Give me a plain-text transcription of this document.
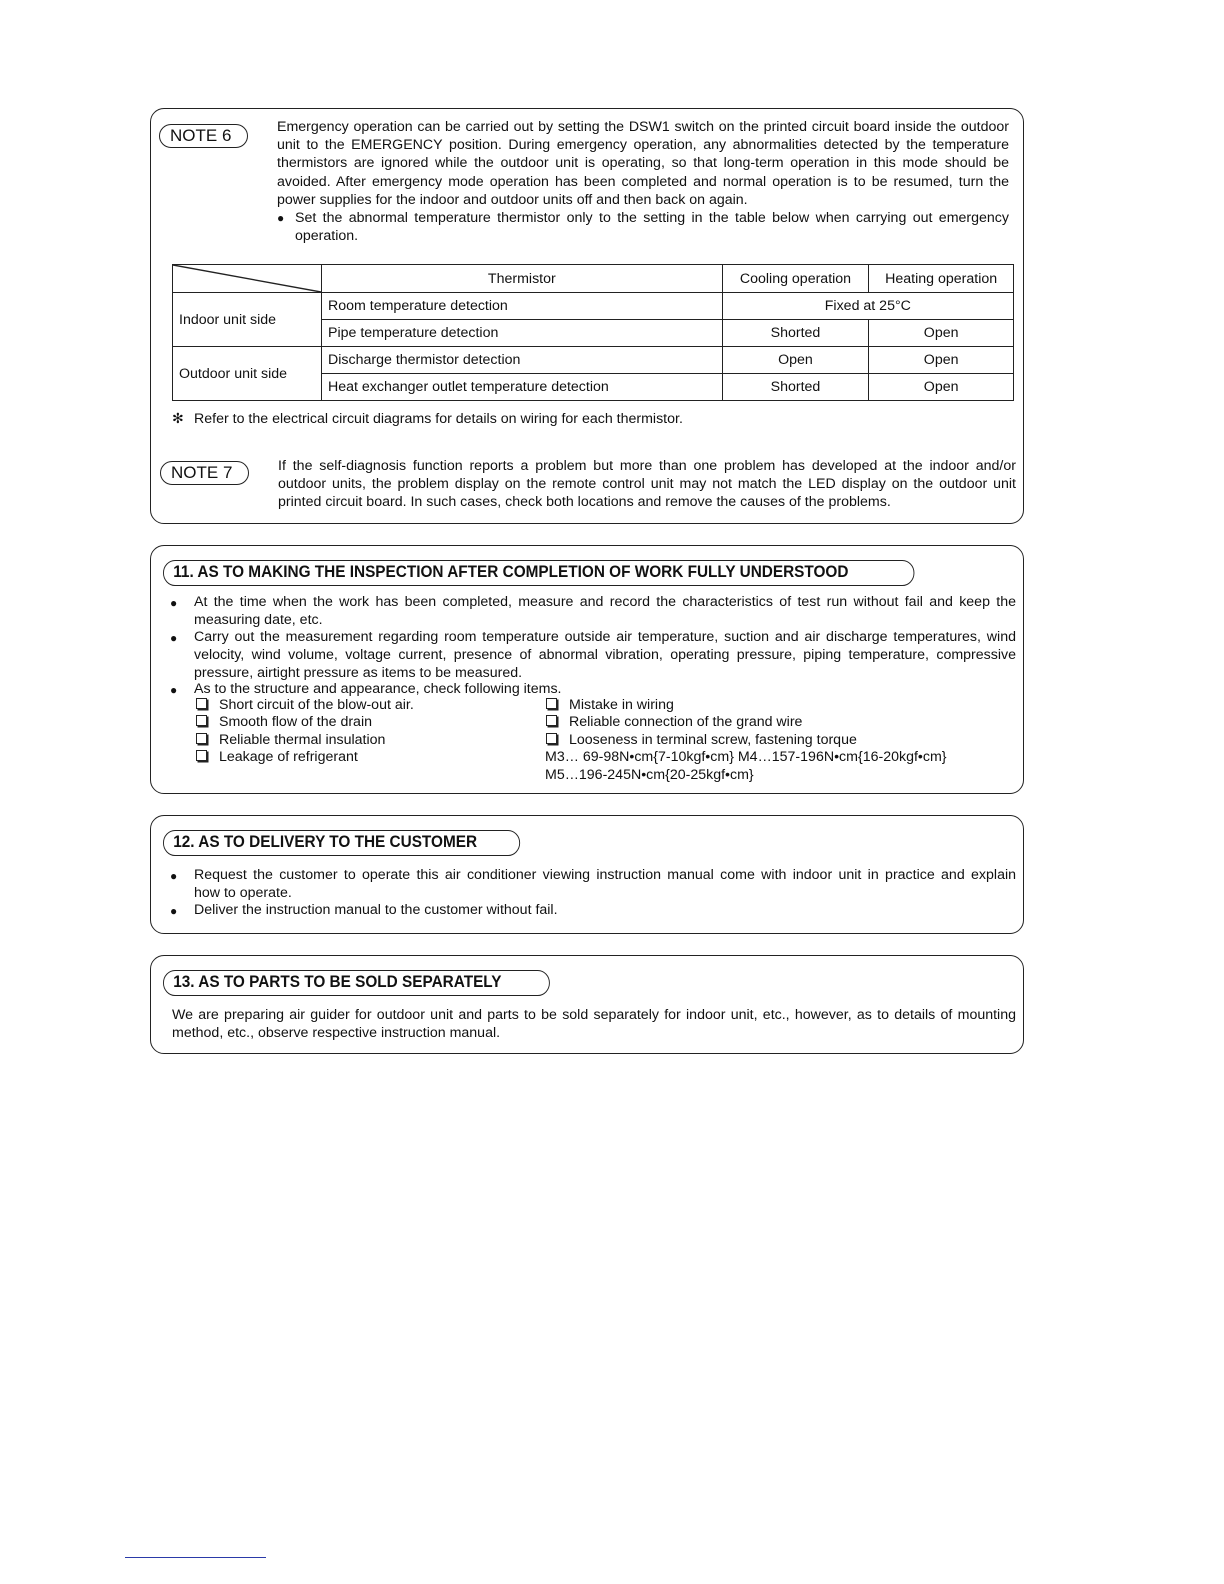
NOTE 6	Emergency operation can be carried out by setting the DSW1 switch on the printed circuit board inside the outdoor
unit to the EMERGENCY position. During emergency operation, any abnormalities detected by the temperature
thermistors are ignored while the outdoor unit is operating, so that long-term operation in this mode should be
avoided. After emergency mode operation has been completed and normal operation is to be resumed, turn the
power supplies for the indoor and outdoor units off and then back on again.
● Set the abnormal temperature thermistor only to the setting in the table below when carrying out emergency
operation.
	Thermistor	Cooling operation	Heating operation
Indoor unit side	Room temperature detection	Fixed at 25°C	
	Pipe temperature detection	Shorted	Open
Outdoor unit side	Discharge thermistor detection	Open	Open
	Heat exchanger outlet temperature detection	Shorted	Open
✻ Refer to the electrical circuit diagrams for details on wiring for each thermistor.
NOTE 7	If the self-diagnosis function reports a problem but more than one problem has developed at the indoor and/or
outdoor units, the problem display on the remote control unit may not match the LED display on the outdoor unit
printed circuit board. In such cases, check both locations and remove the causes of the problems.
11. AS TO MAKING THE INSPECTION AFTER COMPLETION OF WORK FULLY UNDERSTOOD
● At the time when the work has been completed, measure and record the characteristics of test run without fail and keep the
measuring date, etc.
● Carry out the measurement regarding room temperature outside air temperature, suction and air discharge temperatures, wind
velocity, wind volume, voltage current, presence of abnormal vibration, operating pressure, piping temperature, compressive
pressure, airtight pressure as items to be measured.
● As to the structure and appearance, check following items.
Short circuit of the blow-out air.
Smooth flow of the drain
Reliable thermal insulation
Leakage of refrigerant
Mistake in wiring
Reliable connection of the grand wire
Looseness in terminal screw, fastening torque
M3… 69-98N•cm{7-10kgf•cm} M4…157-196N•cm{16-20kgf•cm}
M5…196-245N•cm{20-25kgf•cm}
12. AS TO DELIVERY TO THE CUSTOMER
● Request the customer to operate this air conditioner viewing instruction manual come with indoor unit in practice and explain
how to operate.
● Deliver the instruction manual to the customer without fail.
13. AS TO PARTS TO BE SOLD SEPARATELY
We are preparing air guider for outdoor unit and parts to be sold separately for indoor unit, etc., however, as to details of mounting
method, etc., observe respective instruction manual.
